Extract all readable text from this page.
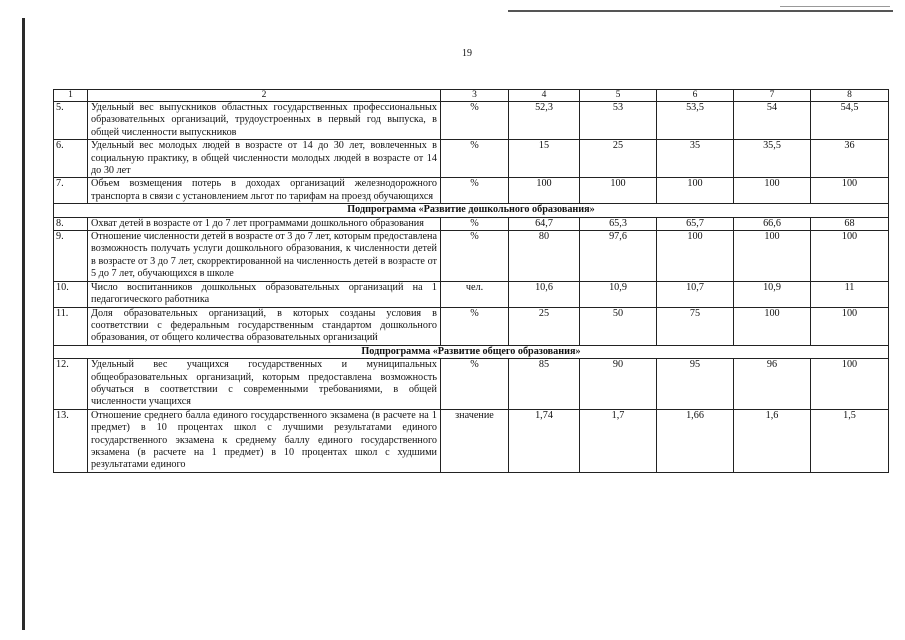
19
1	2	3	4	5	6	7	8
5.	Удельный вес выпускников областных государственных профессиональных образовательных организаций, трудоустроенных в первый год выпуска, в общей численности выпускников	%	52,3	53	53,5	54	54,5
6.	Удельный вес молодых людей в возрасте от 14 до 30 лет, вовлеченных в социальную практику, в общей численности молодых людей в возрасте от 14 до 30 лет	%	15	25	35	35,5	36
7.	Объем возмещения потерь в доходах организаций железнодорожного транспорта в связи с установлением льгот по тарифам на проезд обучающихся	%	100	100	100	100	100
Подпрограмма «Развитие дошкольного образования»							
8.	Охват детей в возрасте от 1 до 7 лет программами дошкольного образования	%	64,7	65,3	65,7	66,6	68
9.	Отношение численности детей в возрасте от 3 до 7 лет, которым предоставлена возможность получать услуги дошкольного образования, к численности детей в возрасте от 3 до 7 лет, скорректированной на численность детей в возрасте от 5 до 7 лет, обучающихся в школе	%	80	97,6	100	100	100
10.	Число воспитанников дошкольных образовательных организаций на 1 педагогического работника	чел.	10,6	10,9	10,7	10,9	11
11.	Доля образовательных организаций, в которых созданы условия в соответствии с федеральным государственным стандартом дошкольного образования, от общего количества образовательных организаций	%	25	50	75	100	100
Подпрограмма «Развитие общего образования»							
12.	Удельный вес учащихся государственных и муниципальных общеобразовательных организаций, которым предоставлена возможность обучаться в соответствии с современными требованиями, в общей численности учащихся	%	85	90	95	96	100
13.	Отношение среднего балла единого государственного экзамена (в расчете на 1 предмет) в 10 процентах школ с лучшими результатами единого государственного экзамена к среднему баллу единого государственного экзамена (в расчете на 1 предмет) в 10 процентах школ с худшими результатами единого	значение	1,74	1,7	1,66	1,6	1,5
